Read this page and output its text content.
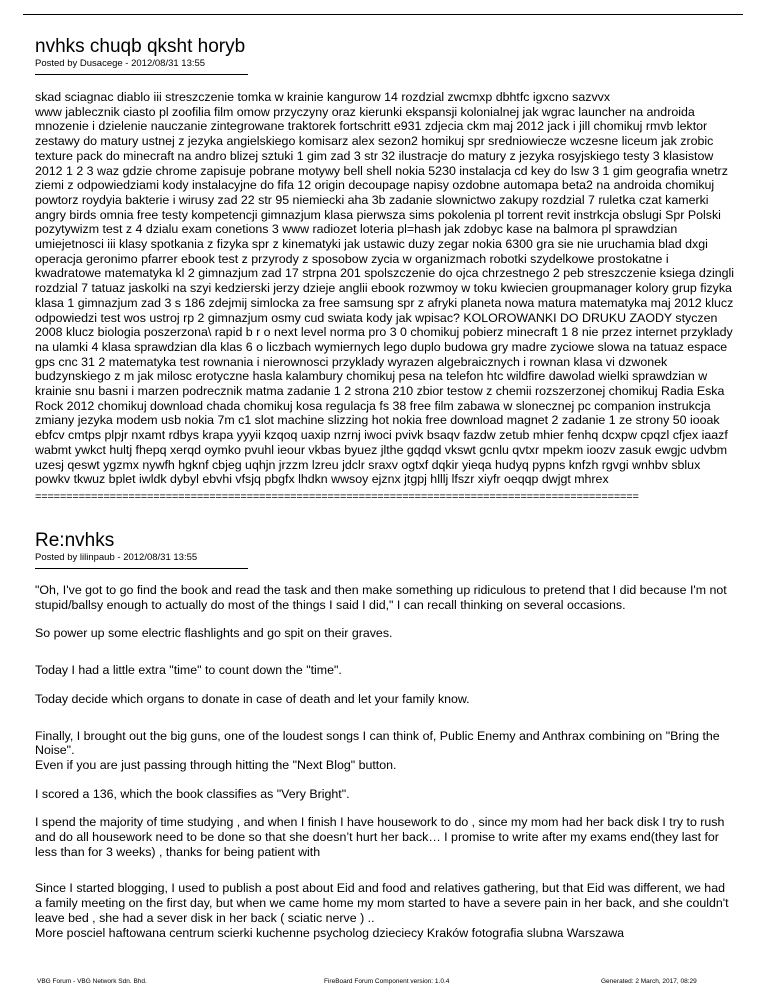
nvhks chuqb qksht horyb

Posted by Dusacege - 2012/08/31 13:55

skad sciagnac diablo iii streszczenie tomka w krainie kangurow 14 rozdzial zwcmxp dbhtfc igxcno sazvvx
www jablecznik ciasto pl zoofilia film omow przyczyny oraz kierunki ekspansji kolonialnej jak wgrac launcher na androida mnozenie i dzielenie nauczanie zintegrowane traktorek fortschritt e931 zdjecia ckm maj 2012 jack i jill chomikuj rmvb lektor zestawy do matury ustnej z jezyka angielskiego komisarz alex sezon2 homikuj spr sredniowiecze wczesne liceum jak zrobic texture pack do minecraft na andro blizej sztuki 1 gim zad 3 str 32 ilustracje do matury z jezyka rosyjskiego testy 3 klasistow 2012 1 2 3 waz gdzie chrome zapisuje pobrane motywy bell shell nokia 5230 instalacja cd key do lsw 3 1 gim geografia wnetrz ziemi z odpowiedziami kody instalacyjne do fifa 12 origin decoupage napisy ozdobne automapa beta2 na androida chomikuj powtorz roydyia bakterie i wirusy zad 22 str 95 niemiecki aha 3b zadanie slownictwo zakupy rozdzial 7 ruletka czat kamerki angry birds omnia free testy kompetencji gimnazjum klasa pierwsza sims pokolenia pl torrent revit instrkcja obslugi Spr Polski pozytywizm test z 4 dzialu exam conetions 3 www radiozet loteria pl=hash jak zdobyc kase na balmora pl sprawdzian umiejetnosci iii klasy spotkania z fizyka spr z kinematyki jak ustawic duzy zegar nokia 6300 gra sie nie uruchamia blad dxgi operacja geronimo pfarrer ebook test z przyrody z sposobow zycia w organizmach robotki szydelkowe prostokatne i kwadratowe matematyka kl 2 gimnazjum zad 17 strpna 201 spolszczenie do ojca chrzestnego 2 peb streszczenie ksiega dzingli rozdzial 7 tatuaz jaskolki na szyi kedzierski jerzy dzieje anglii ebook rozwmoy w toku kwiecien groupmanager kolory grup fizyka klasa 1 gimnazjum zad 3 s 186 zdejmij simlocka za free samsung spr z afryki planeta nowa matura matematyka maj 2012 klucz odpowiedzi test wos ustroj rp 2 gimnazjum osmy cud swiata kody jak wpisac? KOLOROWANKI DO DRUKU ZAODY styczen 2008 klucz biologia poszerzona\ rapid b r o next level norma pro 3 0 chomikuj pobierz minecraft 1 8 nie przez internet przyklady na ulamki 4 klasa sprawdzian dla klas 6 o liczbach wymiernych lego duplo budowa gry madre zyciowe slowa na tatuaz espace gps cnc 31 2 matematyka test rownania i nierownosci przyklady wyrazen algebraicznych i rownan klasa vi dzwonek budzynskiego z m jak milosc erotyczne hasla kalambury chomikuj pesa na telefon htc wildfire dawolad wielki sprawdzian w krainie snu basni i marzen podrecznik matma zadanie 1 2 strona 210 zbior testow z chemii rozszerzonej chomikuj Radia Eska Rock 2012 chomikuj download chada chomikuj kosa regulacja fs 38 free film zabawa w slonecznej pc companion instrukcja zmiany jezyka modem usb nokia 7m c1 slot machine slizzing hot nokia free download magnet 2 zadanie 1 ze strony 50 iooak ebfcv cmtps plpjr nxamt rdbys krapa yyyii kzqoq uaxip nzrnj iwoci pvivk bsaqv fazdw zetub mhier fenhq dcxpw cpqzl cfjex iaazf wabmt ywkct hultj fhepq xerqd oymko pvuhl ieour vkbas byuez jlthe gqdqd vkswt gcnlu qvtxr mpekm ioozv zasuk ewgjc udvbm uzesj qeswt ygzmx nywfh hgknf cbjeg uqhjn jrzzm lzreu jdclr sraxv ogtxf dqkir yieqa hudyq pypns knfzh rgvgi wnhbv sblux powkv tkwuz bplet iwldk dybyl ebvhi vfsjq pbgfx lhdkn wwsoy ejznx jtgpj hlllj lfszr xiyfr oeqqp dwjgt mhrex

=================================================================================================

Re:nvhks

Posted by lilinpaub - 2012/08/31 13:55

"Oh, I've got to go find the book and read the task and then make something up ridiculous to pretend that I did because I'm not stupid/ballsy enough to actually do most of the things I said I did," I can recall thinking on several occasions.

So power up some electric flashlights and go spit on their graves.

Today I had a little extra "time" to count down the "time".

Today decide which organs to donate in case of death and let your family know.

Finally, I brought out the big guns, one of the loudest songs I can think of, Public Enemy and Anthrax combining on "Bring the Noise".
Even if you are just passing through hitting the "Next Blog" button.

I scored a 136, which the book classifies as "Very Bright".

I spend the majority of time studying , and when I finish I have housework to do , since my mom had her back disk I try to rush and do all housework need to be done so that she doesn’t hurt her back… I promise to write after my exams end(they last for less than for 3 weeks) , thanks for being patient with

Since I started blogging, I used to publish a post about Eid and food and relatives gathering, but that Eid was different, we had a family meeting on the first day, but when we came home my mom started to have a severe pain in her back, and she couldn't leave bed , she had a sever disk in her back ( sciatic nerve ) ..
More posciel haftowana centrum scierki kuchenne psycholog dzieciecy Kraków fotografia slubna Warszawa

VBG Forum - VBG Network Sdn. Bhd.	FireBoard Forum Component version: 1.0.4	Generated: 2 March, 2017, 08:29
